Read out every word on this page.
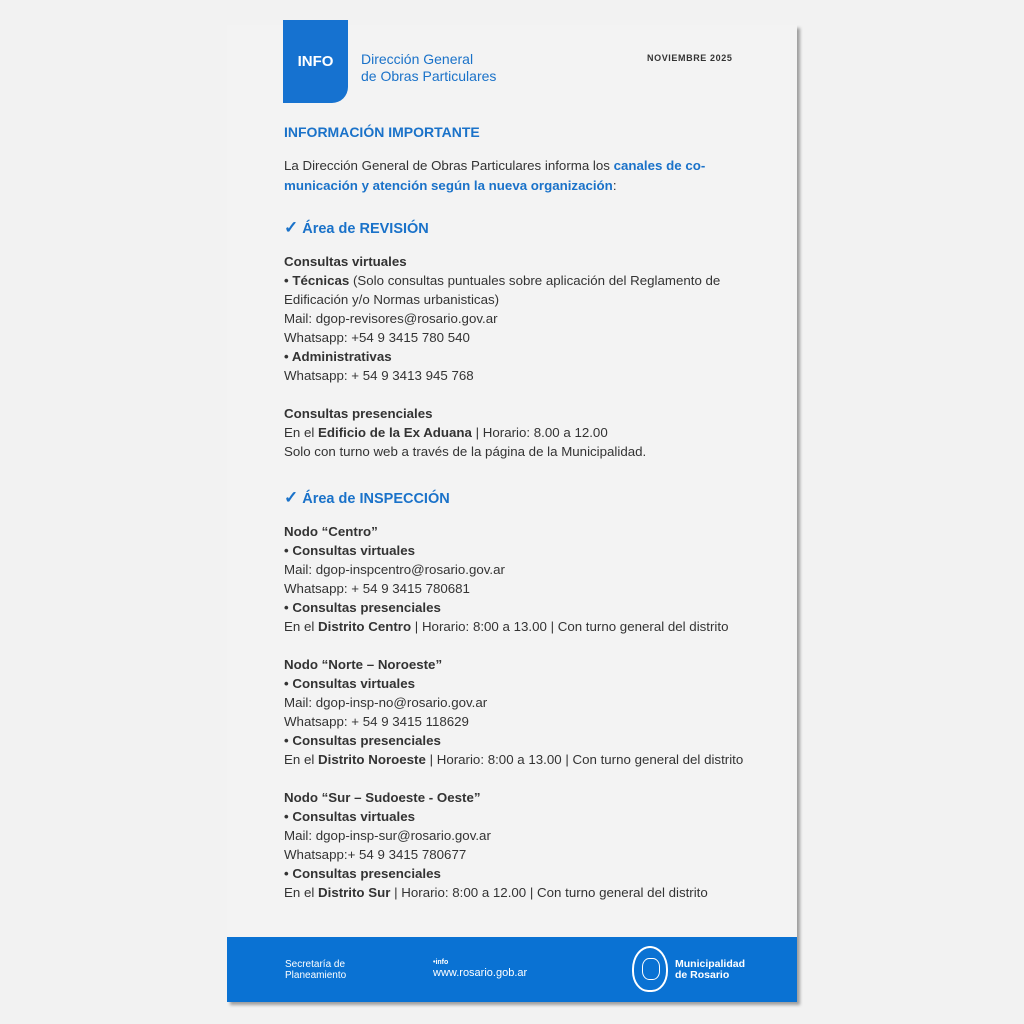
INFO Dirección General
de Obras Particulares
NOVIEMBRE 2025
INFORMACIÓN IMPORTANTE
La Dirección General de Obras Particulares informa los canales de co-
municación y atención según la nueva organización:
✓ Área de REVISIÓN
Consultas virtuales
• Técnicas (Solo consultas puntuales sobre aplicación del Reglamento de
Edificación y/o Normas urbanisticas)
Mail: dgop-revisores@rosario.gov.ar
Whatsapp: +54 9 3415 780 540
• Administrativas
Whatsapp: + 54 9 3413 945 768
Consultas presenciales
En el Edificio de la Ex Aduana | Horario: 8.00 a 12.00
Solo con turno web a través de la página de la Municipalidad.
✓ Área de INSPECCIÓN
Nodo “Centro”
• Consultas virtuales
Mail: dgop-inspcentro@rosario.gov.ar
Whatsapp: + 54 9 3415 780681
• Consultas presenciales
En el Distrito Centro | Horario: 8:00 a 13.00 | Con turno general del distrito
Nodo “Norte – Noroeste”
• Consultas virtuales
Mail: dgop-insp-no@rosario.gov.ar
Whatsapp: + 54 9 3415 118629
• Consultas presenciales
En el Distrito Noroeste | Horario: 8:00 a 13.00 | Con turno general del distrito
Nodo “Sur – Sudoeste - Oeste”
• Consultas virtuales
Mail: dgop-insp-sur@rosario.gov.ar
Whatsapp:+ 54 9 3415 780677
• Consultas presenciales
En el Distrito Sur | Horario: 8:00 a 12.00 | Con turno general del distrito
Secretaría de
Planeamiento
•info
www.rosario.gob.ar
Municipalidad
de Rosario
